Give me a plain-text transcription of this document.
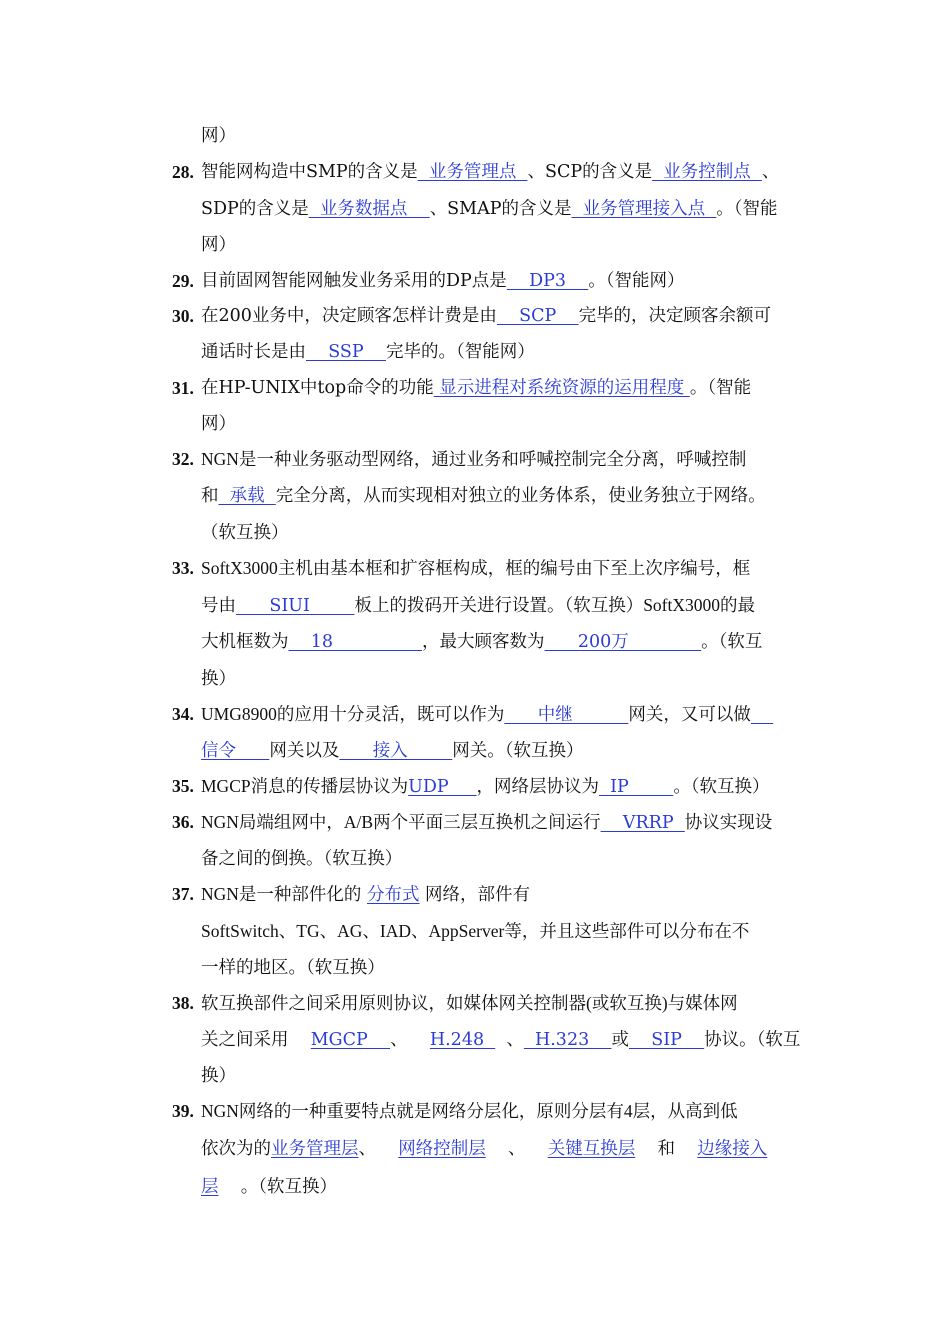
网）
28. 智能网构造中SMP的含义是  业务管理点  、SCP的含义是  业务控制点  、
SDP的含义是  业务数据点    、SMAP的含义是  业务管理接入点  。（智能
网）
29. 目前固网智能网触发业务采用的DP点是    DP3    。（智能网）
30. 在200业务中，决定顾客怎样计费是由    SCP    完毕的，决定顾客余额可
通话时长是由    SSP    完毕的。（智能网）
31. 在HP-UNIX中top命令的功能 显示进程对系统资源的运用程度 。（智能
网）
32. NGN是一种业务驱动型网络，通过业务和呼喊控制完全分离，呼喊控制
和  承载  完全分离，从而实现相对独立的业务体系，使业务独立于网络。
（软互换）
33. SoftX3000主机由基本框和扩容框构成，框的编号由下至上次序编号，框
号由      SIUI        板上的拨码开关进行设置。（软互换）SoftX3000的最
大机框数为    18                ，最大顾客数为      200万             。（软互
换）
34. UMG8900的应用十分灵活，既可以作为      中继          网关，又可以做
信令      网关以及      接入        网关。（软互换）
35. MGCP消息的传播层协议为UDP     ，网络层协议为  IP        。（软互换）
36. NGN局端组网中，A/B两个平面三层互换机之间运行    VRRP  协议实现设
备之间的倒换。（软互换）
37. NGN是一种部件化的 分布式 网络，部件有
SoftSwitch、TG、AG、IAD、AppServer等，并且这些部件可以分布在不
一样的地区。（软互换）
38. 软互换部件之间采用原则协议，如媒体网关控制器(或软互换)与媒体网
关之间采用    MGCP    、    H.248    、  H.323    或    SIP    协议。（软互
换）
39. NGN网络的一种重要特点就是网络分层化，原则分层有4层，从高到低
依次为的业务管理层、    网络控制层    、    关键互换层    和    边缘接入
层    。（软互换）
